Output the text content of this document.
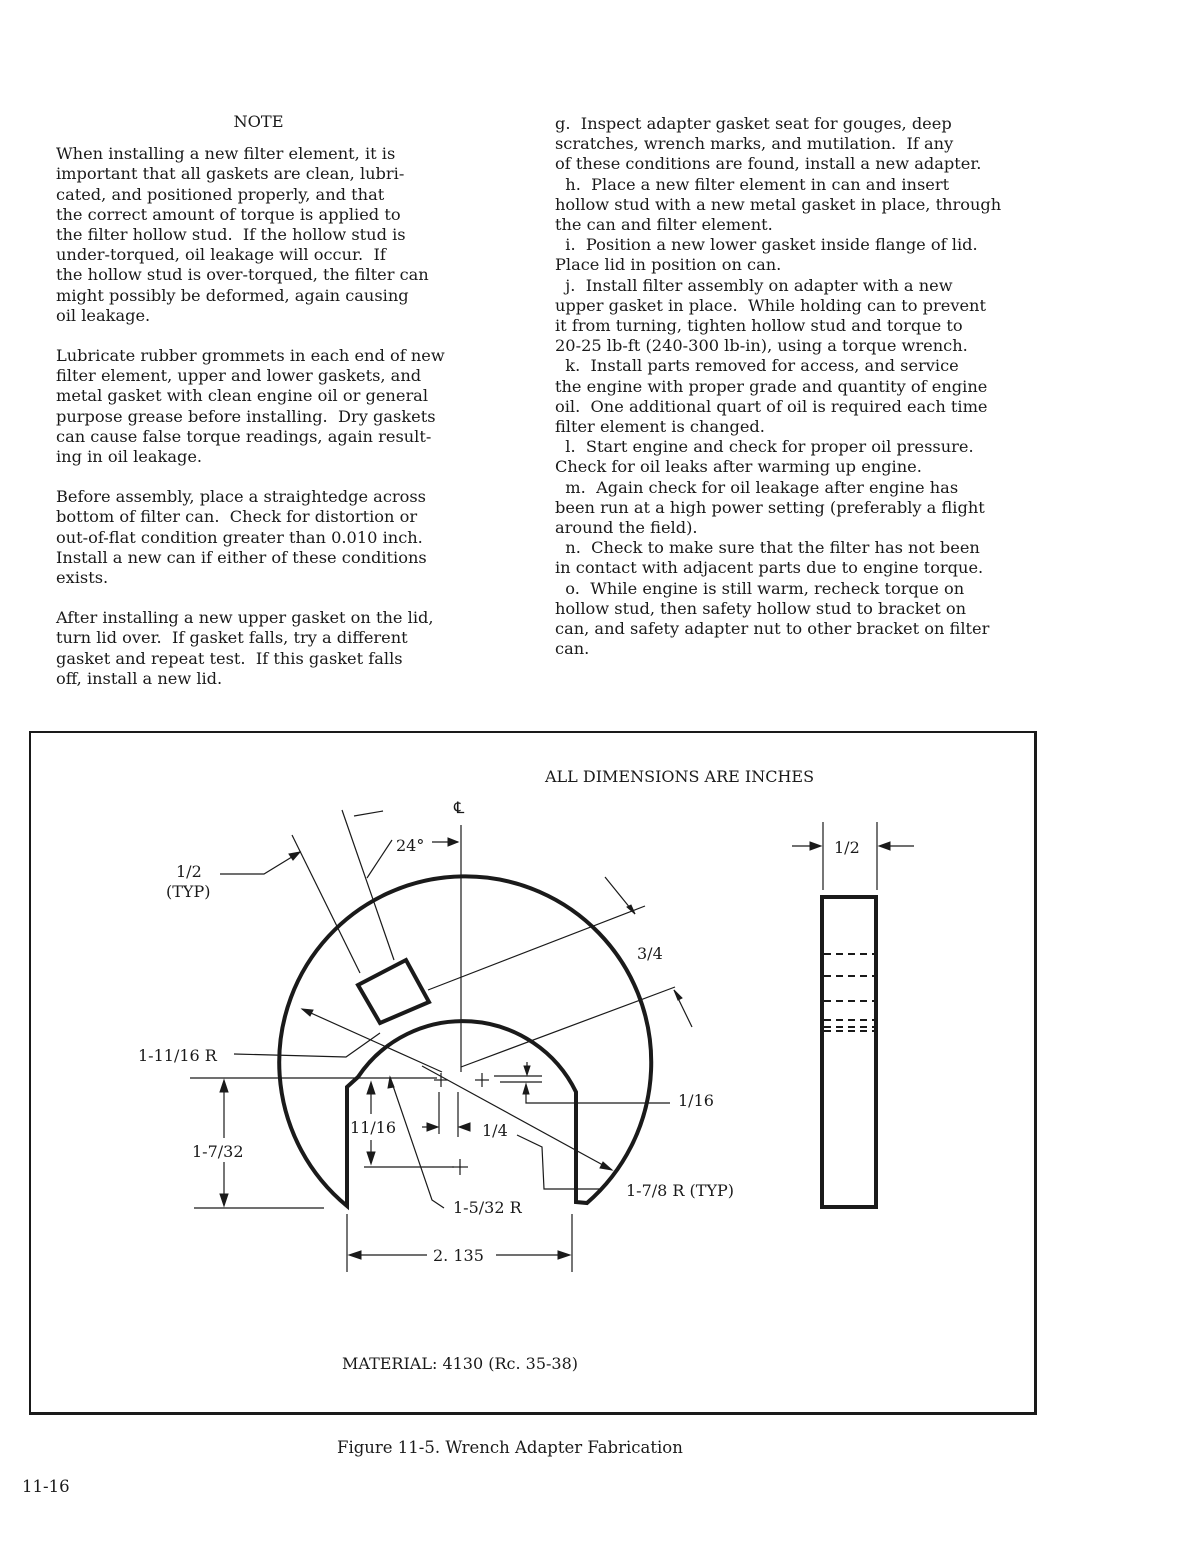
NOTE

When installing a new filter element, it is

important that all gaskets are clean, lubri-

cated, and positioned properly, and that

the correct amount of torque is applied to

the filter hollow stud.  If the hollow stud is

under-torqued, oil leakage will occur.  If

the hollow stud is over-torqued, the filter can

might possibly be deformed, again causing

oil leakage.

Lubricate rubber grommets in each end of new

filter element, upper and lower gaskets, and

metal gasket with clean engine oil or general

purpose grease before installing.  Dry gaskets

can cause false torque readings, again result-

ing in oil leakage.

Before assembly, place a straightedge across

bottom of filter can.  Check for distortion or

out-of-flat condition greater than 0.010 inch.

Install a new can if either of these conditions

exists.

After installing a new upper gasket on the lid,

turn lid over.  If gasket falls, try a different

gasket and repeat test.  If this gasket falls

off, install a new lid.

g.  Inspect adapter gasket seat for gouges, deep

scratches, wrench marks, and mutilation.  If any

of these conditions are found, install a new adapter.

h.  Place a new filter element in can and insert

hollow stud with a new metal gasket in place, through

the can and filter element.

i.  Position a new lower gasket inside flange of lid.

Place lid in position on can.

j.  Install filter assembly on adapter with a new

upper gasket in place.  While holding can to prevent

it from turning, tighten hollow stud and torque to

20-25 lb-ft (240-300 lb-in), using a torque wrench.

k.  Install parts removed for access, and service

the engine with proper grade and quantity of engine

oil.  One additional quart of oil is required each time

filter element is changed.

l.  Start engine and check for proper oil pressure.

Check for oil leaks after warming up engine.

m.  Again check for oil leakage after engine has

been run at a high power setting (preferably a flight

around the field).

n.  Check to make sure that the filter has not been

in contact with adjacent parts due to engine torque.

o.  While engine is still warm, recheck torque on

hollow stud, then safety hollow stud to bracket on

can, and safety adapter nut to other bracket on filter

can.

ALL DIMENSIONS ARE INCHES
℄
24°
1/2
(TYP)
3/4
1-11/16 R
1-7/32
11/16	1/4
1/16
1-7/8 R (TYP)
1-5/32 R
2. 135
1/2
MATERIAL: 4130 (Rc. 35-38)
Figure 11-5. Wrench Adapter Fabrication
11-16
